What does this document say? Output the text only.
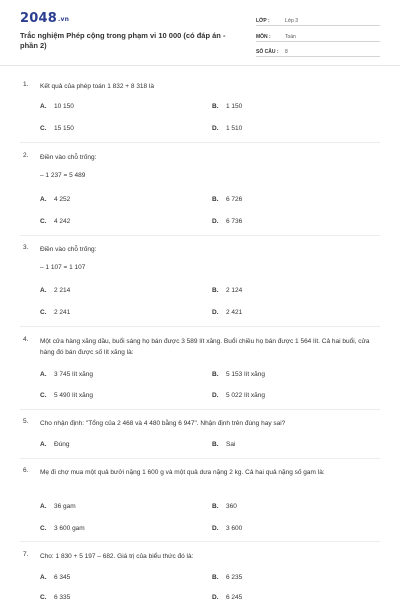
2048.vn
Trắc nghiệm Phép cộng trong phạm vi 10 000 (có đáp án - phần 2)
LỚP :	Lớp 3
MÔN :	Toán
SỐ CÂU : 8
1. Kết quả của phép toán 1 832 + 8 318 là
A. 10 150	B. 1 150
C. 15 150	D. 1 510
2. Điền vào chỗ trống:
– 1 237 = 5 489
A. 4 252	B. 6 726
C. 4 242	D. 6 736
3. Điền vào chỗ trống:
– 1 107 = 1 107
A. 2 214	B. 2 124
C. 2 241	D. 2 421
4. Một cửa hàng xăng dầu, buổi sáng họ bán được 3 589 lít xăng. Buổi chiều họ bán được 1 564 lít. Cả hai buổi, cửa hàng đó bán được số lít xăng là:
A. 3 745 lít xăng	B. 5 153 lít xăng
C. 5 490 lít xăng	D. 5 022 lít xăng
5. Cho nhận định: "Tổng của 2 468 và 4 480 bằng 6 947". Nhận định trên đúng hay sai?
A. Đúng	B. Sai
6. Mẹ đi chợ mua một quả bưởi nặng 1 600 g và một quả dưa nặng 2 kg. Cả hai quả nặng số gam là:
A. 36 gam	B. 360
C. 3 600 gam	D. 3 600
7. Cho: 1 830 + 5 197 – 682. Giá trị của biểu thức đó là:
A. 6 345	B. 6 235
C. 6 335	D. 6 245
